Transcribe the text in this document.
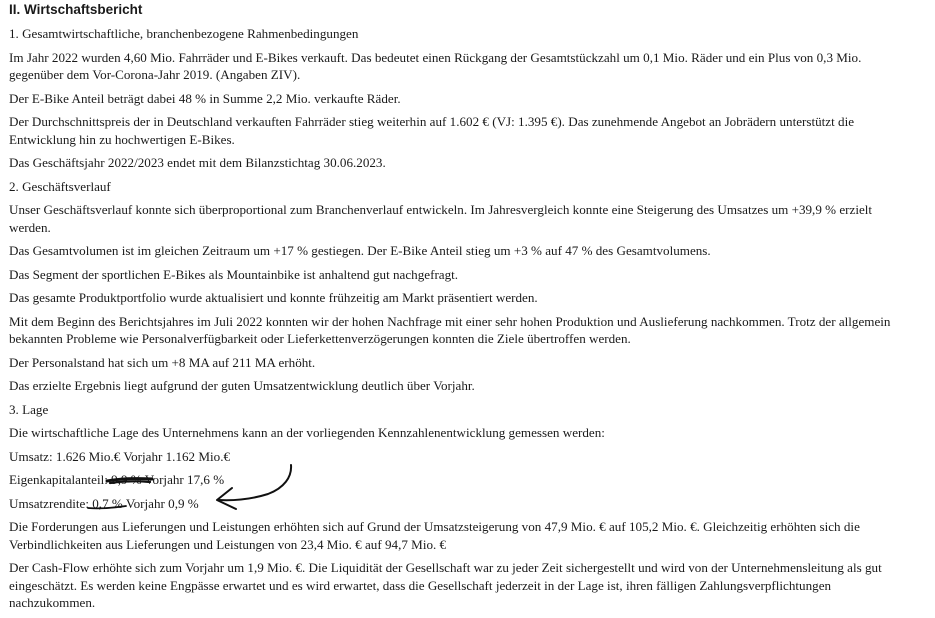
II. Wirtschaftsbericht

1. Gesamtwirtschaftliche, branchenbezogene Rahmenbedingungen

Im Jahr 2022 wurden 4,60 Mio. Fahrräder und E-Bikes verkauft. Das bedeutet einen Rückgang der Gesamtstückzahl um 0,1 Mio. Räder und ein Plus von 0,3 Mio. gegenüber dem Vor-Corona-Jahr 2019. (Angaben ZIV).

Der E-Bike Anteil beträgt dabei 48 % in Summe 2,2 Mio. verkaufte Räder.

Der Durchschnittspreis der in Deutschland verkauften Fahrräder stieg weiterhin auf 1.602 € (VJ: 1.395 €). Das zunehmende Angebot an Jobrädern unterstützt die Entwicklung hin zu hochwertigen E-Bikes.

Das Geschäftsjahr 2022/2023 endet mit dem Bilanzstichtag 30.06.2023.

2. Geschäftsverlauf

Unser Geschäftsverlauf konnte sich überproportional zum Branchenverlauf entwickeln. Im Jahresvergleich konnte eine Steigerung des Umsatzes um +39,9 % erzielt werden.

Das Gesamtvolumen ist im gleichen Zeitraum um +17 % gestiegen. Der E-Bike Anteil stieg um +3 % auf 47 % des Gesamtvolumens.

Das Segment der sportlichen E-Bikes als Mountainbike ist anhaltend gut nachgefragt.

Das gesamte Produktportfolio wurde aktualisiert und konnte frühzeitig am Markt präsentiert werden.

Mit dem Beginn des Berichtsjahres im Juli 2022 konnten wir der hohen Nachfrage mit einer sehr hohen Produktion und Auslieferung nachkommen. Trotz der allgemein bekannten Probleme wie Personalverfügbarkeit oder Lieferkettenverzögerungen konnten die Ziele übertroffen werden.

Der Personalstand hat sich um +8 MA auf 211 MA erhöht.

Das erzielte Ergebnis liegt aufgrund der guten Umsatzentwicklung deutlich über Vorjahr.

3. Lage

Die wirtschaftliche Lage des Unternehmens kann an der vorliegenden Kennzahlenentwicklung gemessen werden:

Umsatz: 1.626 Mio.€ Vorjahr 1.162 Mio.€

Eigenkapitalanteil: 9,9 % Vorjahr 17,6 %

Umsatzrendite: 0,7 % Vorjahr 0,9 %

Die Forderungen aus Lieferungen und Leistungen erhöhten sich auf Grund der Umsatzsteigerung von 47,9 Mio. € auf 105,2 Mio. €. Gleichzeitig erhöhten sich die Verbindlichkeiten aus Lieferungen und Leistungen von 23,4 Mio. € auf 94,7 Mio. €

Der Cash-Flow erhöhte sich zum Vorjahr um 1,9 Mio. €. Die Liquidität der Gesellschaft war zu jeder Zeit sichergestellt und wird von der Unternehmensleitung als gut eingeschätzt. Es werden keine Engpässe erwartet und es wird erwartet, dass die Gesellschaft jederzeit in der Lage ist, ihren fälligen Zahlungsverpflichtungen nachzukommen.
